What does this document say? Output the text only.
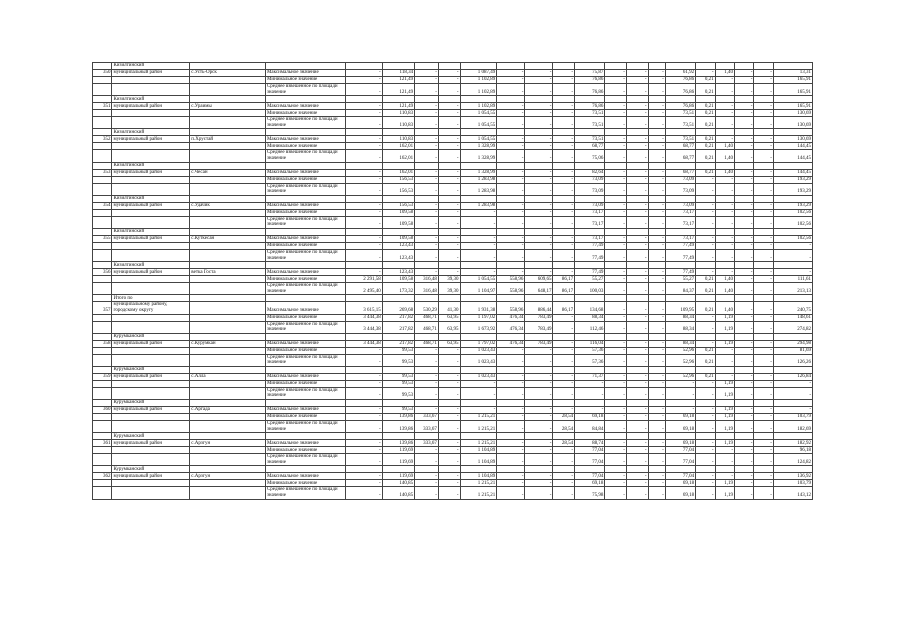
	Кизилтинский																				
350	муниципальный район	с.Усть-Орск	Максимальное значение	-	118,34	-	-	1 087,49	-	-	-	75,87	-	-	-	61,92	-	1,40	-	-	13,31
			Минимальное значение	-	121,49	-	-	1 102,89	-	-	-	76,86	-	-	-	76,86	0,21	-	-	-	165,91
			Среднее взвешенное по площади значение	-	121,49	-	-	1 102,89	-	-	-	76,86	-	-	-	76,86	0,21	-	-	-	165,91
	Кизилтинский																				
351	муниципальный район	с.Ураимы	Максимальное значение	-	121,49	-	-	1 102,89	-	-	-	76,86	-	-	-	76,86	0,21	-	-	-	165,91
			Минимальное значение	-	110,83	-	-	1 054,55	-	-	-	73,51	-	-	-	73,51	0,21	-	-	-	130,69
			Среднее взвешенное по площади значение	-	110,83	-	-	1 054,55	-	-	-	73,51	-	-	-	73,51	0,21	-	-	-	130,69
	Кизилтинский																				
352	муниципальный район	п.Хрустай	Максимальное значение	-	110,83	-	-	1 054,55	-	-	-	73,51	-	-	-	73,51	0,21	-	-	-	130,69
			Минимальное значение	-	162,01	-	-	1 328,99	-	-	-	68,77	-	-	-	68,77	0,21	1,40	-	-	144,45
			Среднее взвешенное по площади значение	-	162,01	-	-	1 328,99	-	-	-	75,06	-	-	-	68,77	0,21	1,40	-	-	144,45
	Кизилтинский																				
353	муниципальный район	с.Чесан	Максимальное значение	-	162,01	-	-	1 328,99	-	-	-	82,64	-	-	-	68,77	0,21	1,40	-	-	144,45
			Минимальное значение	-	156,53	-	-	1 283,98	-	-	-	73,09	-	-	-	73,09	-	-	-	-	193,29
			Среднее взвешенное по площади значение	-	156,53	-	-	1 283,98	-	-	-	73,09	-	-	-	73,09	-	-	-	-	193,29
	Кизилтинский																				
354	муниципальный район	с.Удачик	Максимальное значение	-	156,53	-	-	1 283,98	-	-	-	73,09	-	-	-	73,09	-	-	-	-	193,29
			Минимальное значение	-	109,58	-	-	-	-	-	-	73,17	-	-	-	73,17	-	-	-	-	102,56
			Среднее взвешенное по площади значение	-	109,58	-	-	-	-	-	-	73,17	-	-	-	73,17	-	-	-	-	102,56
	Кизилтинский																				
355	муниципальный район	с.Куткесан	Максимальное значение	-	109,58	-	-	-	-	-	-	73,17	-	-	-	73,17	-	-	-	-	102,56
			Минимальное значение	-	123,43	-	-	-	-	-	-	77,49	-	-	-	77,49	-	-	-	-	-
			Среднее взвешенное по площади значение	-	123,43	-	-	-	-	-	-	77,49	-	-	-	77,49	-	-	-	-	-
	Кизилтинский																				
356	муниципальный район	ветка Госта	Максимальное значение	-	123,43	-	-	-	-	-	-	77,49	-	-	-	77,49	-	-	-	-	-
			Минимальное значение	2 291,58	109,58	316,48	39,30	1 054,55	558,96	609,65	86,17	55,27	-	-	-	55,27	0,21	1,40	-	-	111,61
			Среднее взвешенное по площади значение	2 495,40	173,32	316,48	39,30	1 104,97	558,96	648,17	86,17	100,03	-	-	-	84,37	0,21	1,40	-	-	213,13
	Итого по																				
357	муниципальному району, городскому округу		Максимальное значение	3 615,15	269,68	530,29	41,30	1 931,38	558,96	886,44	86,17	134,68	-	-	-	109,95	0,21	1,40	-	-	240,75
			Минимальное значение	3 444,38	217,82	468,71	63,95	1 197,02	476,34	783,49	-	88,34	-	-	-	88,34	-	1,19	-	-	148,61
			Среднее взвешенное по площади значение	3 444,38	217,82	468,71	63,95	1 673,92	476,34	783,49	-	112,46	-	-	-	88,34	-	1,19	-	-	274,82
	Курумканский																				
358	муниципальный район	с.Курумкан	Максимальное значение	3 444,38	217,82	468,71	63,95	1 797,02	476,34	783,49	-	116,04	-	-	-	88,34	-	1,19	-	-	294,98
			Минимальное значение	-	99,53	-	-	1 023,43	-	-	-	57,36	-	-	-	52,96	0,21	-	-	-	81,69
			Среднее взвешенное по площади значение	-	99,53	-	-	1 023,43	-	-	-	57,36	-	-	-	52,96	0,21	-	-	-	126,26
	Курумканский																				
359	муниципальный район	с.Алла	Максимальное значение	-	99,53	-	-	1 023,43	-	-	-	71,37	-	-	-	52,96	0,21	-	-	-	126,84
			Минимальное значение	-	99,53	-	-	-	-	-	-	-	-	-	-	-	-	1,19	-	-	-
			Среднее взвешенное по площади значение	-	99,53	-	-	-	-	-	-	-	-	-	-	-	-	1,19	-	-	-
	Курумканский																				
360	муниципальный район	с.Аргада	Максимальное значение	-	99,53	-	-	-	-	-	-	-	-	-	-	-	-	1,19	-	-	-
			Минимальное значение	-	139,86	333,67	-	1 215,21	-	-	28,54	69,18	-	-	-	69,18	-	1,19	-	-	103,79
			Среднее взвешенное по площади значение	-	139,86	333,67	-	1 215,21	-	-	28,54	84,84	-	-	-	69,18	-	1,19	-	-	182,69
	Курумканский																				
361	муниципальный район	с.Арзгун	Максимальное значение	-	139,86	333,67	-	1 215,21	-	-	28,54	88,74	-	-	-	69,18	-	1,19	-	-	182,92
			Минимальное значение	-	119,69	-	-	1 104,89	-	-	-	77,04	-	-	-	77,04	-	-	-	-	96,18
			Среднее взвешенное по площади значение	-	119,69	-	-	1 104,89	-	-	-	77,04	-	-	-	77,04	-	-	-	-	124,82
	Курумканский																				
362	муниципальный район	с.Арзгун	Максимальное значение	-	119,69	-	-	1 104,89	-	-	-	77,04	-	-	-	77,04	-	-	-	-	136,92
			Минимальное значение	-	140,85	-	-	1 215,21	-	-	-	69,18	-	-	-	69,18	-	1,19	-	-	103,79
			Среднее взвешенное по площади значение	-	140,85	-	-	1 215,21	-	-	-	75,98	-	-	-	69,18	-	1,19	-	-	143,12
